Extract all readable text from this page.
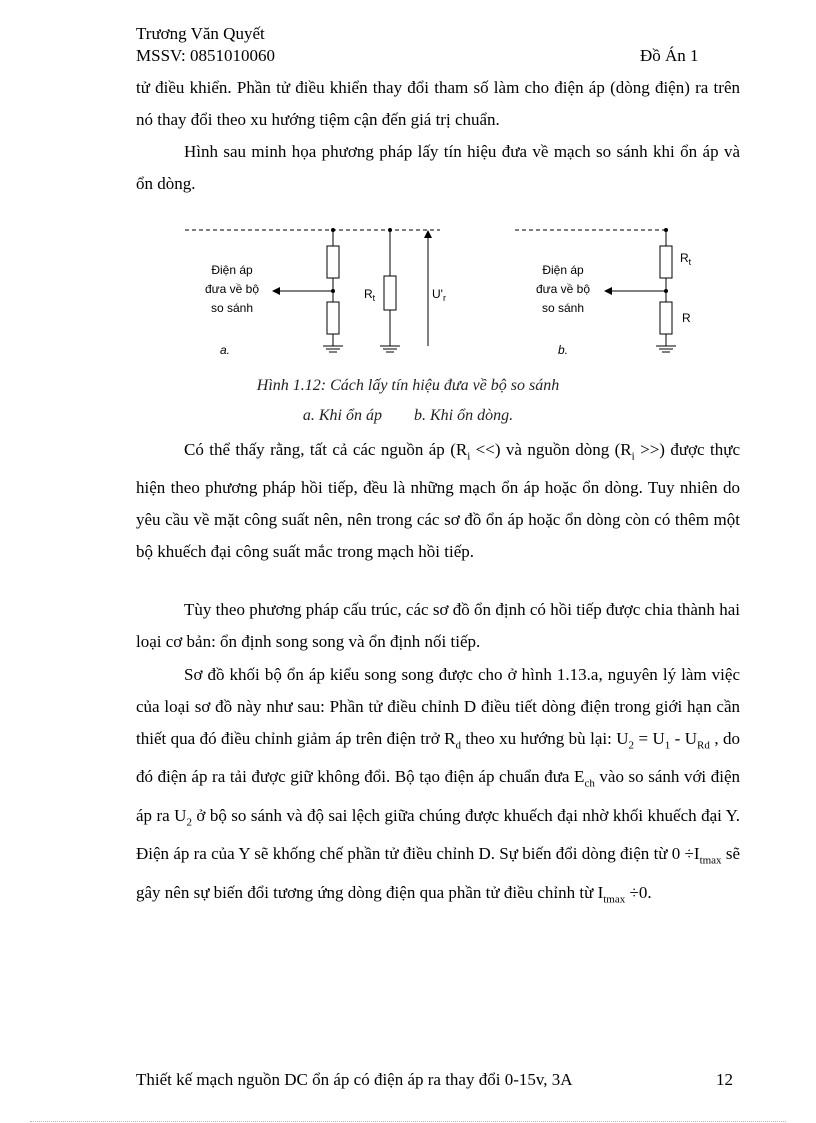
Trương Văn Quyết
MSSV: 0851010060	Đồ Án 1

tử điều khiển. Phần tử điều khiển thay đổi tham số làm cho điện áp (dòng điện) ra trên nó thay đổi theo xu hướng tiệm cận đến giá trị chuẩn.

Hình sau minh họa phương pháp lấy tín hiệu đưa về mạch so sánh khi ổn áp và ổn dòng.

Điện áp
đưa về bộ
so sánh
a.
$R_t$	$U'_r$
Điện áp
đưa về bộ
so sánh
b.
$R_t$
R
Hình 1.12: Cách lấy tín hiệu đưa về bộ so sánh
a. Khi ổn áp b. Khi ổn dòng.

Có thể thấy rằng, tất cả các nguồn áp ($R_i$ <<) và nguồn dòng ($R_i$ >>) được thực hiện theo phương pháp hồi tiếp, đều là những mạch ổn áp hoặc ổn dòng. Tuy nhiên do yêu cầu về mặt công suất nên, nên trong các sơ đồ ổn áp hoặc ổn dòng còn có thêm một bộ khuếch đại công suất mắc trong mạch hồi tiếp.

Tùy theo phương pháp cấu trúc, các sơ đồ ổn định có hồi tiếp được chia thành hai loại cơ bản: ổn định song song và ổn định nối tiếp.

Sơ đồ khối bộ ổn áp kiểu song song được cho ở hình 1.13.a, nguyên lý làm việc của loại sơ đồ này như sau: Phần tử điều chỉnh D điều tiết dòng điện trong giới hạn cần thiết qua đó điều chỉnh giảm áp trên điện trở $R_d$ theo xu hướng bù lại: $U_2 = U_1 - U_{Rd}$ , do đó điện áp ra tải được giữ không đổi. Bộ tạo điện áp chuẩn đưa $E_{ch}$ vào so sánh với điện áp ra $U_2$ ở bộ so sánh và độ sai lệch giữa chúng được khuếch đại nhờ khối khuếch đại Y. Điện áp ra của Y sẽ khống chế phần tử điều chỉnh D. Sự biến đổi dòng điện từ $0 \div I_{tmax}$ sẽ gây nên sự biến đổi tương ứng dòng điện qua phần tử điều chỉnh từ $I_{tmax} \div 0$.

Thiết kế mạch nguồn DC ổn áp có điện áp ra thay đổi 0-15v, 3A	12
